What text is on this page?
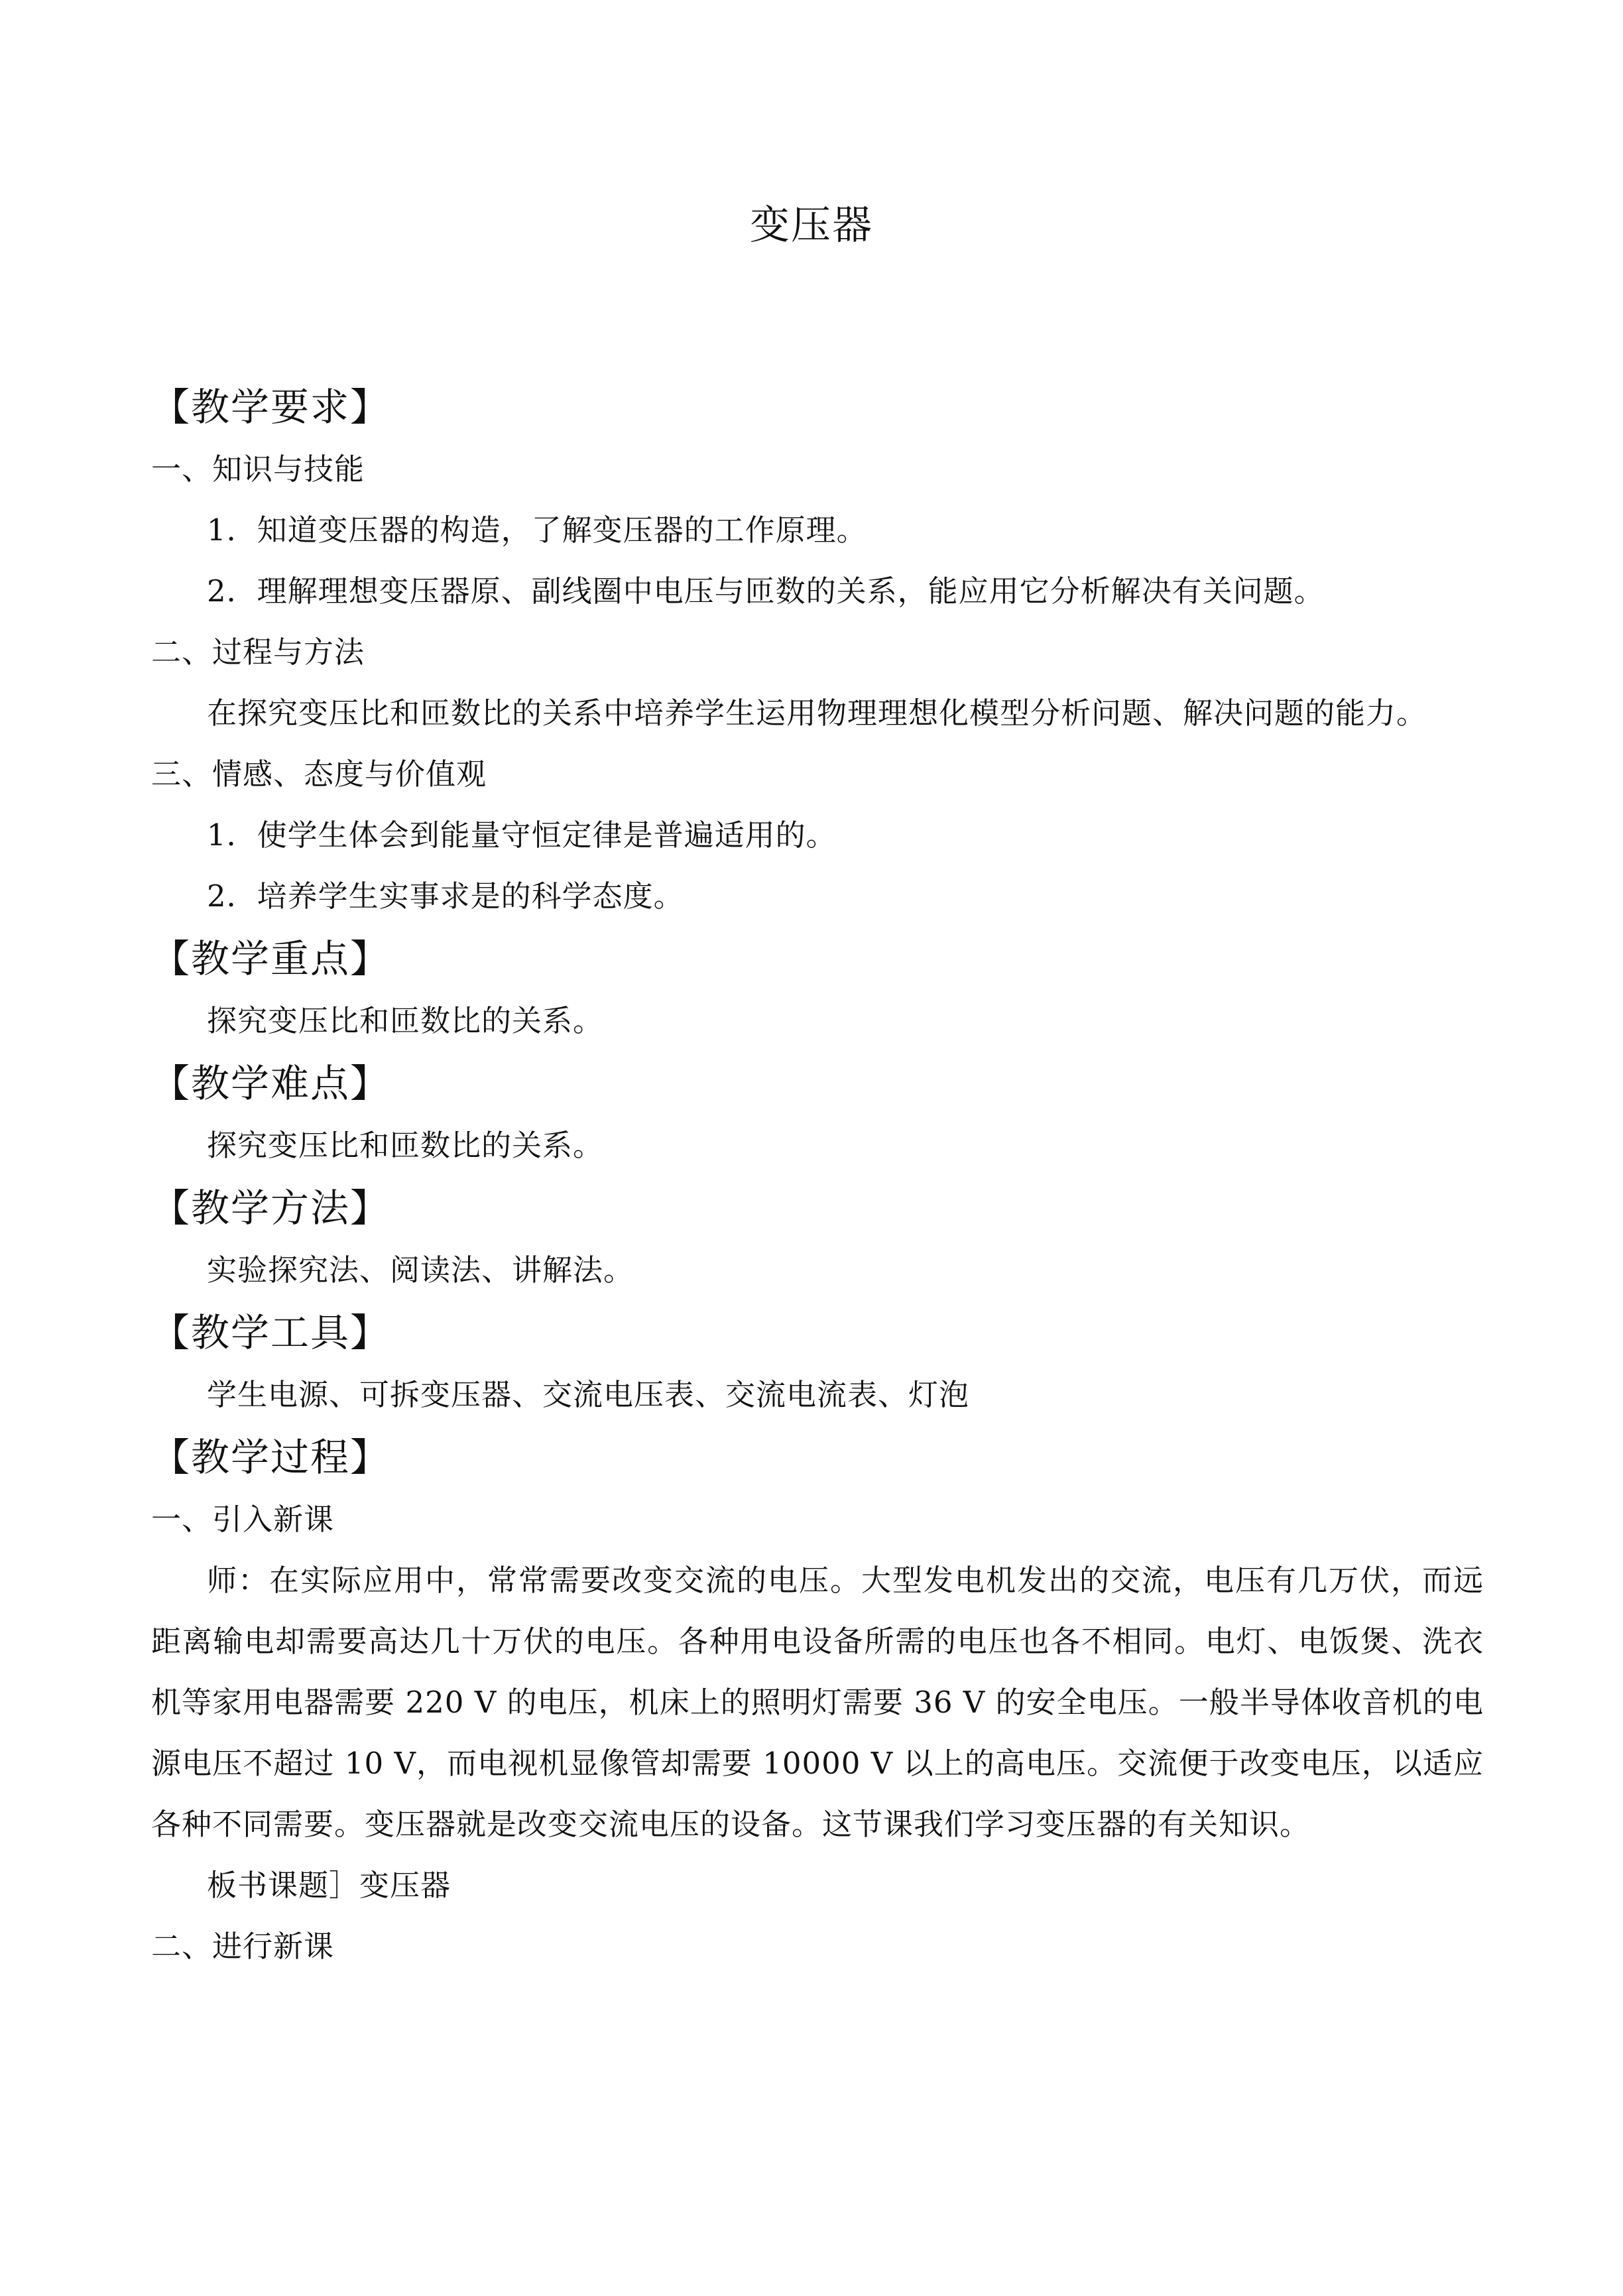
变压器
【教学要求】
一、知识与技能
1．知道变压器的构造，了解变压器的工作原理。
2．理解理想变压器原、副线圈中电压与匝数的关系，能应用它分析解决有关问题。
二、过程与方法

在探究变压比和匝数比的关系中培养学生运用物理理想化模型分析问题、解决问题的能力。

三、情感、态度与价值观
1．使学生体会到能量守恒定律是普遍适用的。
2．培养学生实事求是的科学态度。
【教学重点】
探究变压比和匝数比的关系。
【教学难点】
探究变压比和匝数比的关系。
【教学方法】
实验探究法、阅读法、讲解法。
【教学工具】
学生电源、可拆变压器、交流电压表、交流电流表、灯泡
【教学过程】
一、引入新课

师：在实际应用中，常常需要改变交流的电压。大型发电机发出的交流，电压有几万伏，而远距离输电却需要高达几十万伏的电压。各种用电设备所需的电压也各不相同。电灯、电饭煲、洗衣机等家用电器需要 220 V 的电压，机床上的照明灯需要 36 V 的安全电压。一般半导体收音机的电源电压不超过 10 V，而电视机显像管却需要 10000 V 以上的高电压。交流便于改变电压，以适应各种不同需要。变压器就是改变交流电压的设备。这节课我们学习变压器的有关知识。

板书课题］变压器
二、进行新课
